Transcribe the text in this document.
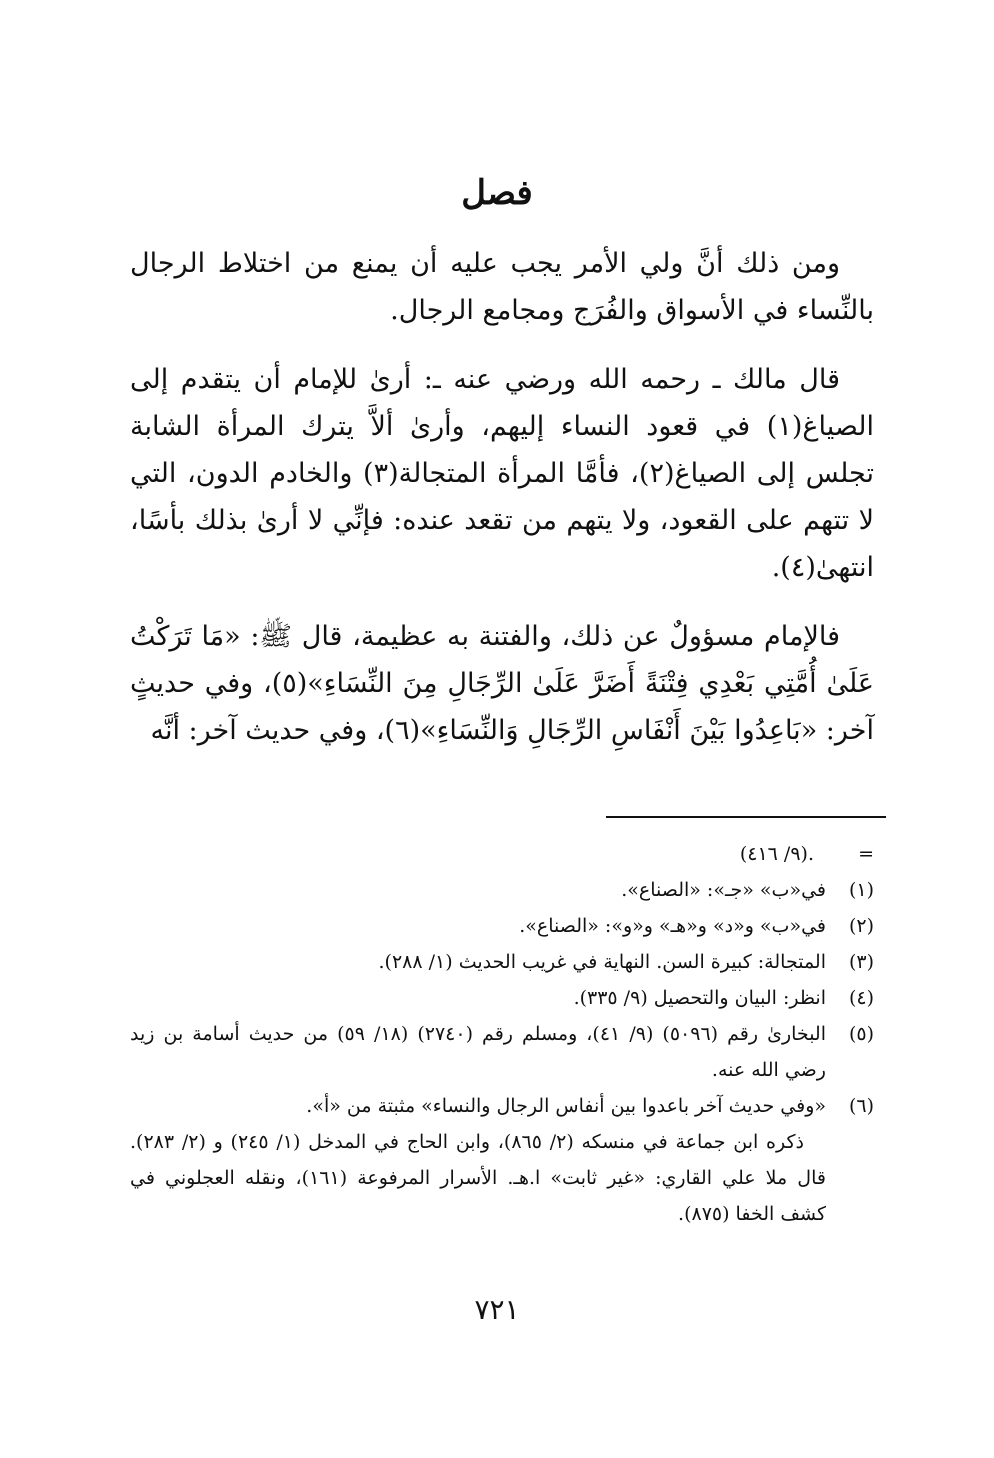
فصل

ومن ذلك أنَّ ولي الأمر يجب عليه أن يمنع من اختلاط الرجال بالنِّساء في الأسواق والفُرَج ومجامع الرجال.

قال مالك ـ رحمه الله ورضي عنه ـ: أرىٰ للإمام أن يتقدم إلى الصياغ(١) في قعود النساء إليهم، وأرىٰ ألاَّ يترك المرأة الشابة تجلس إلى الصياغ(٢)، فأمَّا المرأة المتجالة(٣) والخادم الدون، التي لا تتهم على القعود، ولا يتهم من تقعد عنده: فإنِّي لا أرىٰ بذلك بأسًا، انتهىٰ(٤).

فالإمام مسؤولٌ عن ذلك، والفتنة به عظيمة، قال ﷺ: «مَا تَرَكْتُ عَلَىٰ أُمَّتِي بَعْدِي فِتْنَةً أَضَرَّ عَلَىٰ الرِّجَالِ مِنَ النِّسَاءِ»(٥)، وفي حديثٍ آخر: «بَاعِدُوا بَيْنَ أَنْفَاسِ الرِّجَالِ وَالنِّسَاءِ»(٦)، وفي حديث آخر: أنَّه

=
.(٩/ ٤١٦)
(١)
في«ب» «جـ»: «الصناع».
(٢)
في«ب» و«د» و«هـ» و«و»: «الصناع».
(٣)
المتجالة: كبيرة السن. النهاية في غريب الحديث (١/ ٢٨٨).
(٤)
انظر: البيان والتحصيل (٩/ ٣٣٥).
(٥)
البخارىٰ رقم (٥٠٩٦) (٩/ ٤١)، ومسلم رقم (٢٧٤٠) (١٨/ ٥٩) من حديث أسامة بن زيد رضي الله عنه.
(٦)
«وفي حديث آخر باعدوا بين أنفاس الرجال والنساء» مثبتة من «أ».
ذكره ابن جماعة في منسكه (٢/ ٨٦٥)، وابن الحاج في المدخل (١/ ٢٤٥) و (٢/ ٢٨٣). قال ملا علي القاري: «غير ثابت» ا.هـ. الأسرار المرفوعة (١٦١)، ونقله العجلوني في كشف الخفا (٨٧٥).
٧٢١
